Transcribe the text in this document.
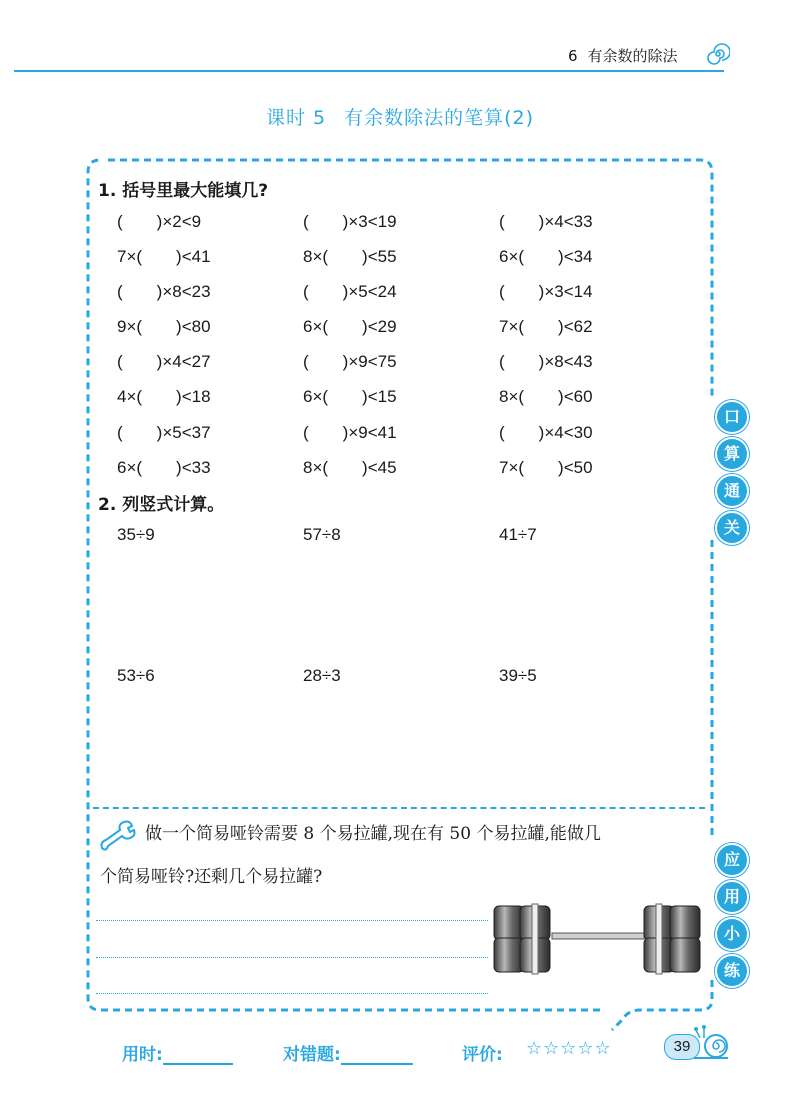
6 有余数的除法
课时 5 有余数除法的笔算(2)
1. 括号里最大能填几?
(　　)×2<9	(　　)×3<19	(　　)×4<33
7×(　　)<41	8×(　　)<55	6×(　　)<34
(　　)×8<23	(　　)×5<24	(　　)×3<14
9×(　　)<80	6×(　　)<29	7×(　　)<62
(　　)×4<27	(　　)×9<75	(　　)×8<43
4×(　　)<18	6×(　　)<15	8×(　　)<60
(　　)×5<37	(　　)×9<41	(　　)×4<30
6×(　　)<33	8×(　　)<45	7×(　　)<50
2. 列竖式计算。
35÷9	57÷8	41÷7
53÷6	28÷3	39÷5
做一个简易哑铃需要 8 个易拉罐,现在有 50 个易拉罐,能做几
个简易哑铃?还剩几个易拉罐?
口
算
通
关
应
用
小
练
用时:	对错题:	评价: ☆☆☆☆☆	39
